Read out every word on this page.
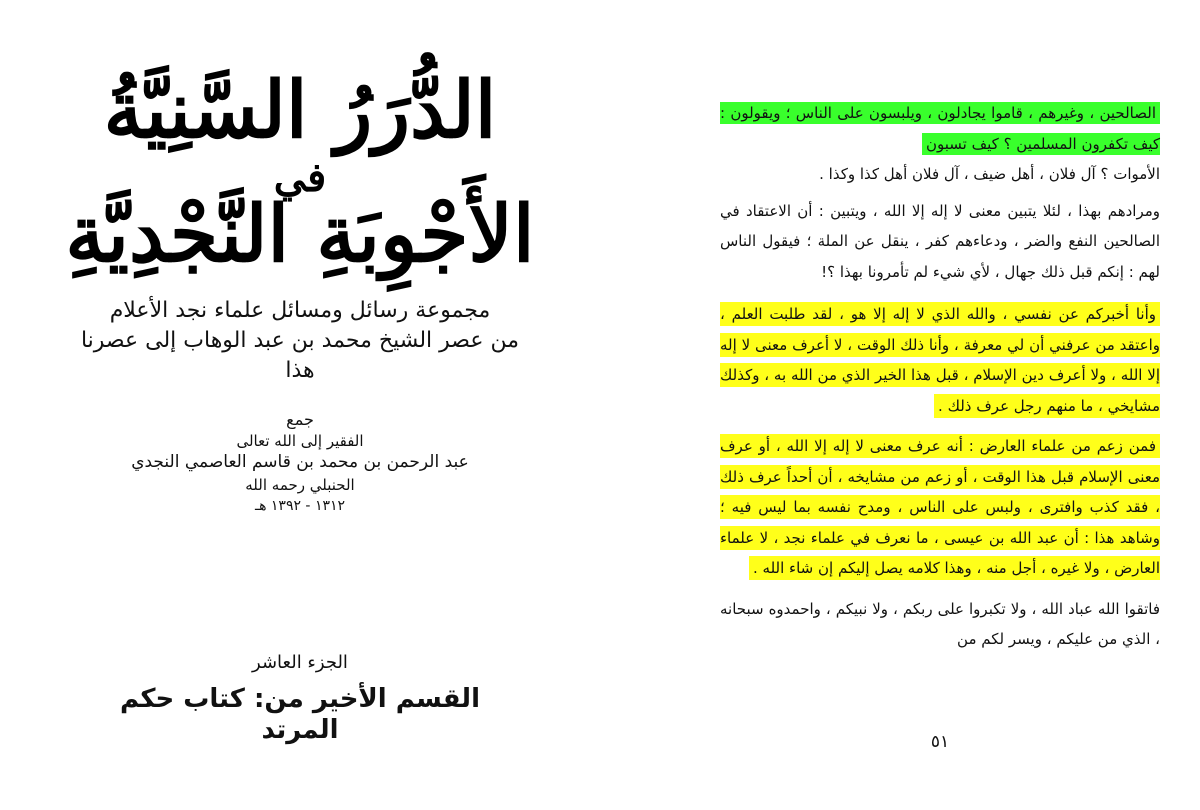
الدُّرَرُ السَّنِيَّةُ
في
الأَجْوِبَةِ النَّجْدِيَّةِ
مجموعة رسائل ومسائل علماء نجد الأعلام
من عصر الشيخ محمد بن عبد الوهاب إلى عصرنا هذا
جمع
الفقير إلى الله تعالى
عبد الرحمن بن محمد بن قاسم العاصمي النجدي
الحنبلي رحمه الله
١٣١٢ - ١٣٩٢ هـ
الجزء العاشر
القسم الأخير من: كتاب حكم المرتد

الصالحين ، وغيرهم ، قاموا يجادلون ، ويلبسون على الناس ؛ ويقولون : كيف تكفرون المسلمين ؟ كيف تسبون

الأموات ؟ آل فلان ، أهل ضيف ، آل فلان أهل كذا وكذا .

ومرادهم بهذا ، لئلا يتبين معنى لا إله إلا الله ، ويتبين : أن الاعتقاد في الصالحين النفع والضر ، ودعاءهم كفر ، ينقل عن الملة ؛ فيقول الناس لهم : إنكم قبل ذلك جهال ، لأي شيء لم تأمرونا بهذا ؟!

وأنا أخبركم عن نفسي ، والله الذي لا إله إلا هو ، لقد طلبت العلم ، واعتقد من عرفني أن لي معرفة ، وأنا ذلك الوقت ، لا أعرف معنى لا إله إلا الله ، ولا أعرف دين الإسلام ، قبل هذا الخير الذي من الله به ، وكذلك مشايخي ، ما منهم رجل عرف ذلك .

فمن زعم من علماء العارض : أنه عرف معنى لا إله إلا الله ، أو عرف معنى الإسلام قبل هذا الوقت ، أو زعم من مشايخه ، أن أحداً عرف ذلك ، فقد كذب وافترى ، ولبس على الناس ، ومدح نفسه بما ليس فيه ؛ وشاهد هذا : أن عبد الله بن عيسى ، ما نعرف في علماء نجد ، لا علماء العارض ، ولا غيره ، أجل منه ، وهذا كلامه يصل إليكم إن شاء الله .

فاتقوا الله عباد الله ، ولا تكبروا على ربكم ، ولا نبيكم ، واحمدوه سبحانه ، الذي من عليكم ، ويسر لكم من

٥١
